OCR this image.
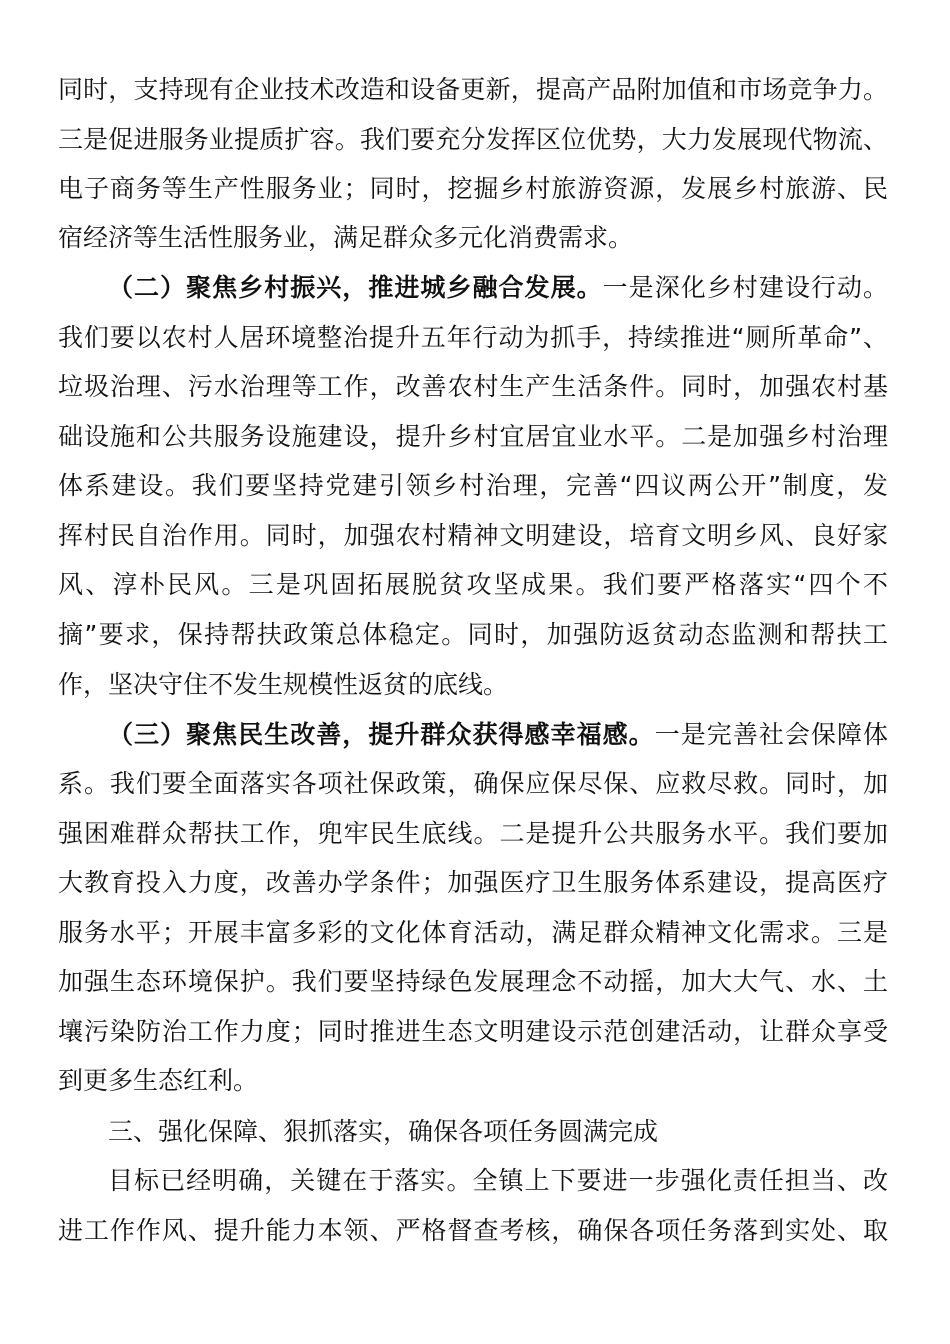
同时，支持现有企业技术改造和设备更新，提高产品附加值和市场竞争力。
三是促进服务业提质扩容。我们要充分发挥区位优势，大力发展现代物流、
电子商务等生产性服务业；同时，挖掘乡村旅游资源，发展乡村旅游、民
宿经济等生活性服务业，满足群众多元化消费需求。
（二）聚焦乡村振兴，推进城乡融合发展。一是深化乡村建设行动。
我们要以农村人居环境整治提升五年行动为抓手，持续推进“厕所革命”、
垃圾治理、污水治理等工作，改善农村生产生活条件。同时，加强农村基
础设施和公共服务设施建设，提升乡村宜居宜业水平。二是加强乡村治理
体系建设。我们要坚持党建引领乡村治理，完善“四议两公开”制度，发
挥村民自治作用。同时，加强农村精神文明建设，培育文明乡风、良好家
风、淳朴民风。三是巩固拓展脱贫攻坚成果。我们要严格落实“四个不
摘”要求，保持帮扶政策总体稳定。同时，加强防返贫动态监测和帮扶工
作，坚决守住不发生规模性返贫的底线。
（三）聚焦民生改善，提升群众获得感幸福感。一是完善社会保障体
系。我们要全面落实各项社保政策，确保应保尽保、应救尽救。同时，加
强困难群众帮扶工作，兜牢民生底线。二是提升公共服务水平。我们要加
大教育投入力度，改善办学条件；加强医疗卫生服务体系建设，提高医疗
服务水平；开展丰富多彩的文化体育活动，满足群众精神文化需求。三是
加强生态环境保护。我们要坚持绿色发展理念不动摇，加大大气、水、土
壤污染防治工作力度；同时推进生态文明建设示范创建活动，让群众享受
到更多生态红利。
三、强化保障、狠抓落实，确保各项任务圆满完成
目标已经明确，关键在于落实。全镇上下要进一步强化责任担当、改
进工作作风、提升能力本领、严格督查考核，确保各项任务落到实处、取
